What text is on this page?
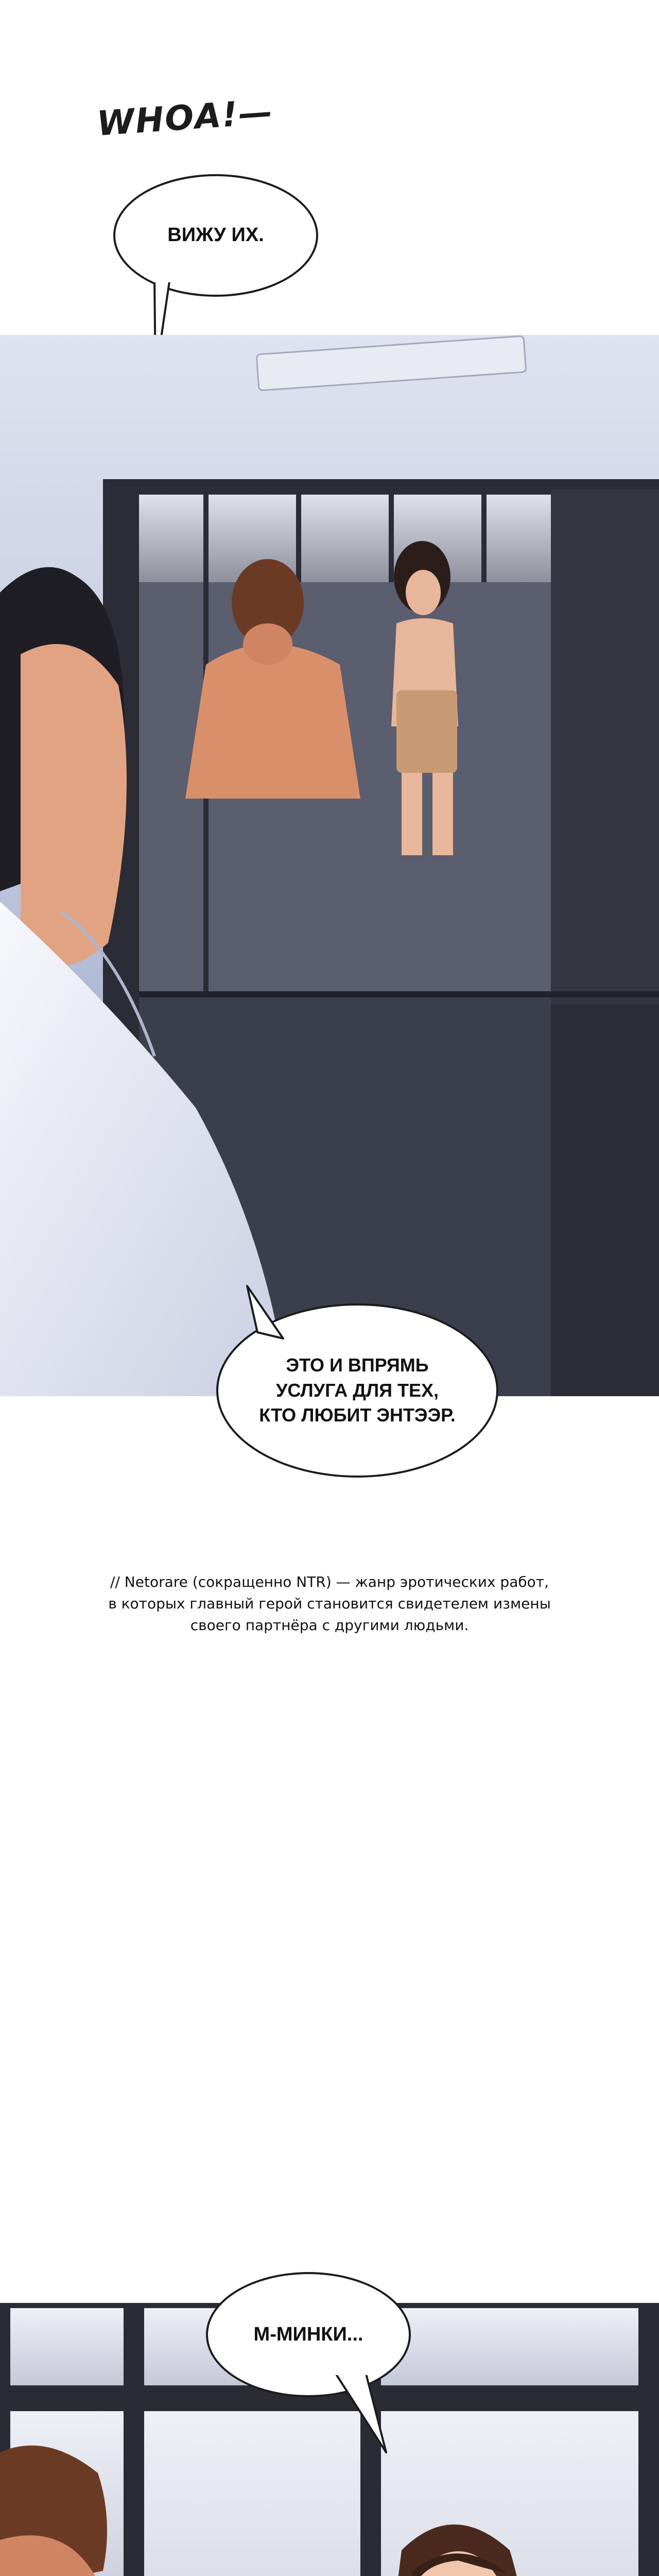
WHOA!—
ВИЖУ ИХ.
ЭТО И ВПРЯМЬ
УСЛУГА ДЛЯ ТЕХ,
КТО ЛЮБИТ ЭНТЭЭР.
// Netorare (сокращенно NTR) — жанр эротических работ,
в которых главный герой становится свидетелем измены
своего партнёра с другими людьми.
М-МИНКИ...
